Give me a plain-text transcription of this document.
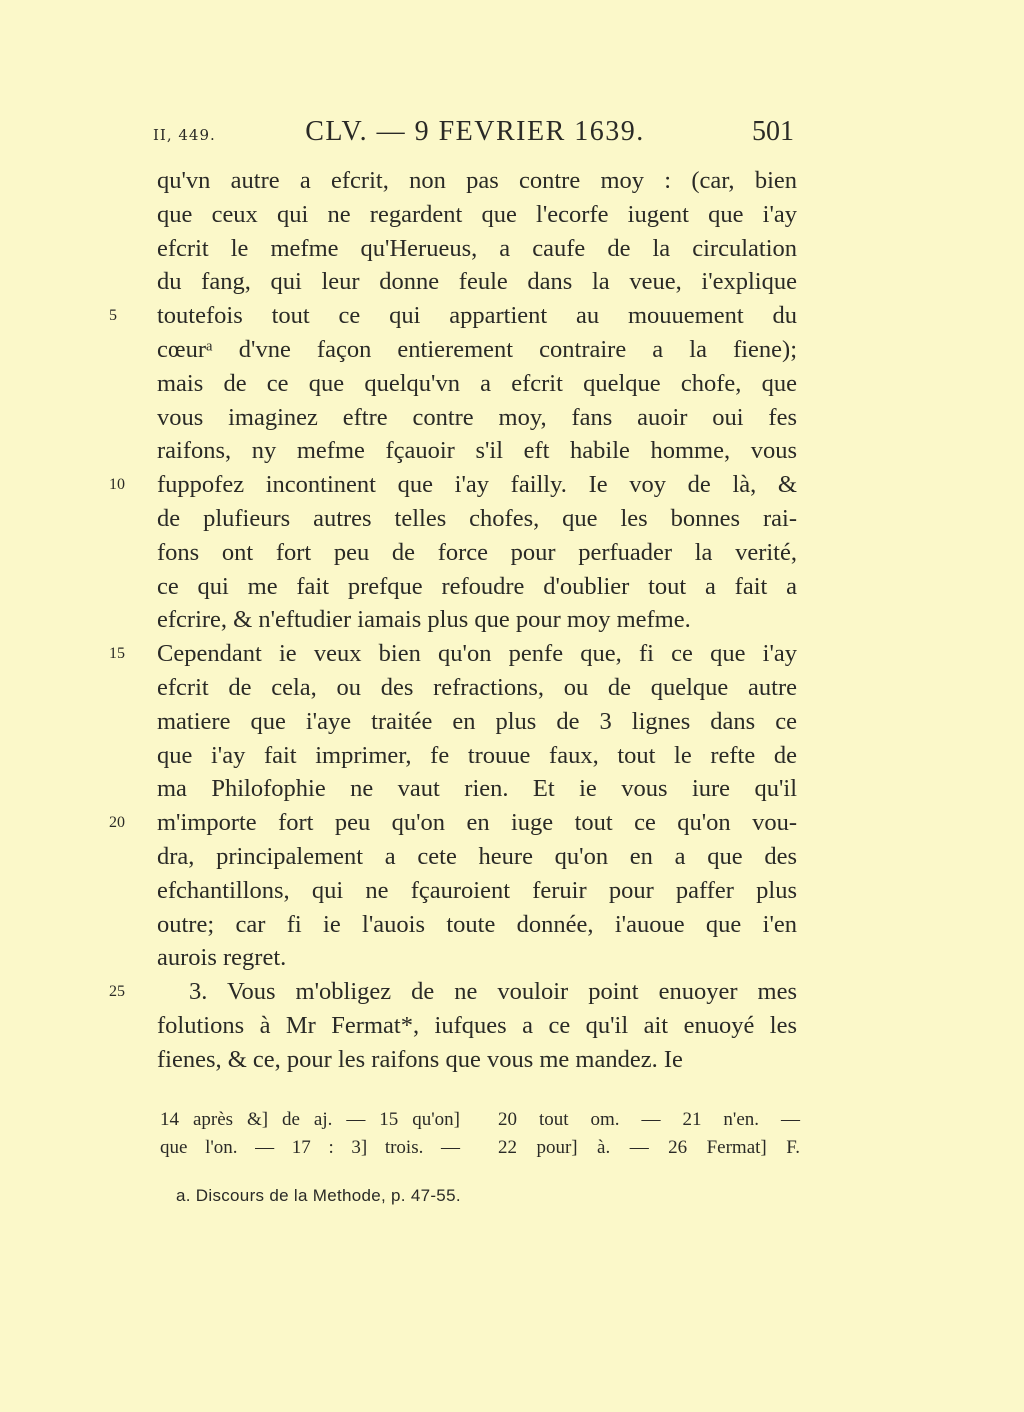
II, 449.	CLV. — 9 FEVRIER 1639.	501
qu'vn autre a efcrit, non pas contre moy : (car, bien
que ceux qui ne regardent que l'ecorfe iugent que i'ay
efcrit le mefme qu'Herueus, a caufe de la circulation
du fang, qui leur donne feule dans la veue, i'explique
toutefois tout ce qui appartient au mouuement du
5
cœurᵃ d'vne façon entierement contraire a la fiene);
mais de ce que quelqu'vn a efcrit quelque chofe, que
vous imaginez eftre contre moy, fans auoir oui fes
raifons, ny mefme fçauoir s'il eft habile homme, vous
fuppofez incontinent que i'ay failly. Ie voy de là, &
10
de plufieurs autres telles chofes, que les bonnes rai-
fons ont fort peu de force pour perfuader la verité,
ce qui me fait prefque refoudre d'oublier tout a fait a
efcrire, & n'eftudier iamais plus que pour moy mefme.
Cependant ie veux bien qu'on penfe que, fi ce que i'ay
15
efcrit de cela, ou des refractions, ou de quelque autre
matiere que i'aye traitée en plus de 3 lignes dans ce
que i'ay fait imprimer, fe trouue faux, tout le refte de
ma Philofophie ne vaut rien. Et ie vous iure qu'il
m'importe fort peu qu'on en iuge tout ce qu'on vou-
20
dra, principalement a cete heure qu'on en a que des
efchantillons, qui ne fçauroient feruir pour paffer plus
outre; car fi ie l'auois toute donnée, i'auoue que i'en
aurois regret.
3. Vous m'obligez de ne vouloir point enuoyer mes
25
folutions à Mr Fermat*, iufques a ce qu'il ait enuoyé les
fienes, & ce, pour les raifons que vous me mandez. Ie
14 après &] de aj. — 15 qu'on]
que l'on. — 17 : 3] trois. —
20 tout om. — 21 n'en. —
22 pour] à. — 26 Fermat] F.
a. Discours de la Methode, p. 47-55.
